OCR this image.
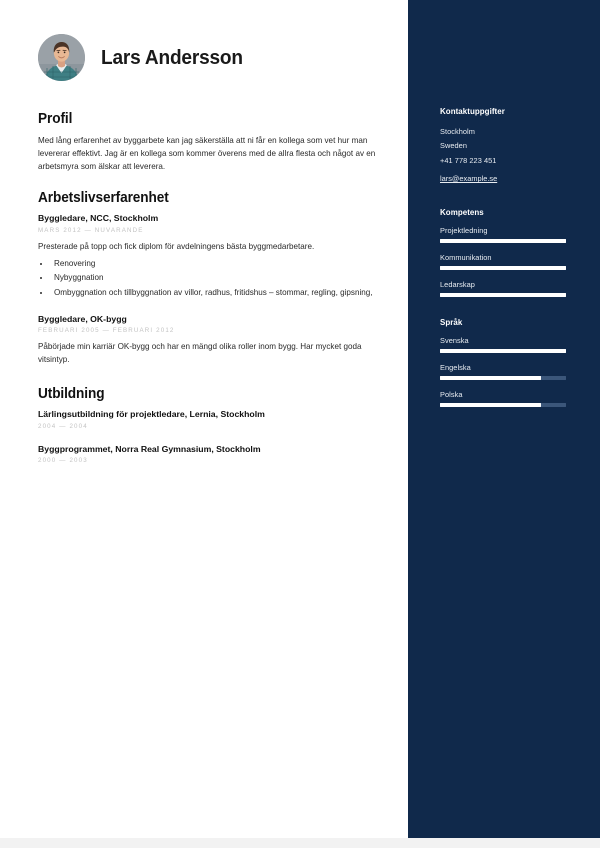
Lars Andersson
Profil

Med lång erfarenhet av byggarbete kan jag säkerställa att ni får en kollega som vet hur man levererar effektivt. Jag är en kollega som kommer överens med de allra flesta och något av en arbetsmyra som älskar att leverera.

Arbetslivserfarenhet
Byggledare, NCC, Stockholm
MARS 2012 — NUVARANDE
Presterade på topp och fick diplom för avdelningens bästa byggmedarbetare.
• Renovering
• Nybyggnation
• Ombyggnation och tillbyggnation av villor, radhus, fritidshus – stommar, regling, gipsning,
Byggledare, OK-bygg
FEBRUARI 2005 — FEBRUARI 2012
Påbörjade min karriär OK-bygg och har en mängd olika roller inom bygg. Har mycket goda vitsintyp.
Utbildning
Lärlingsutbildning för projektledare, Lernia, Stockholm
2004 — 2004
Byggprogrammet, Norra Real Gymnasium, Stockholm
2000 — 2003
Kontaktuppgifter
Stockholm
Sweden
+41 778 223 451
lars@example.se
Kompetens
Projektledning
Kommunikation
Ledarskap
Språk
Svenska
Engelska
Polska
